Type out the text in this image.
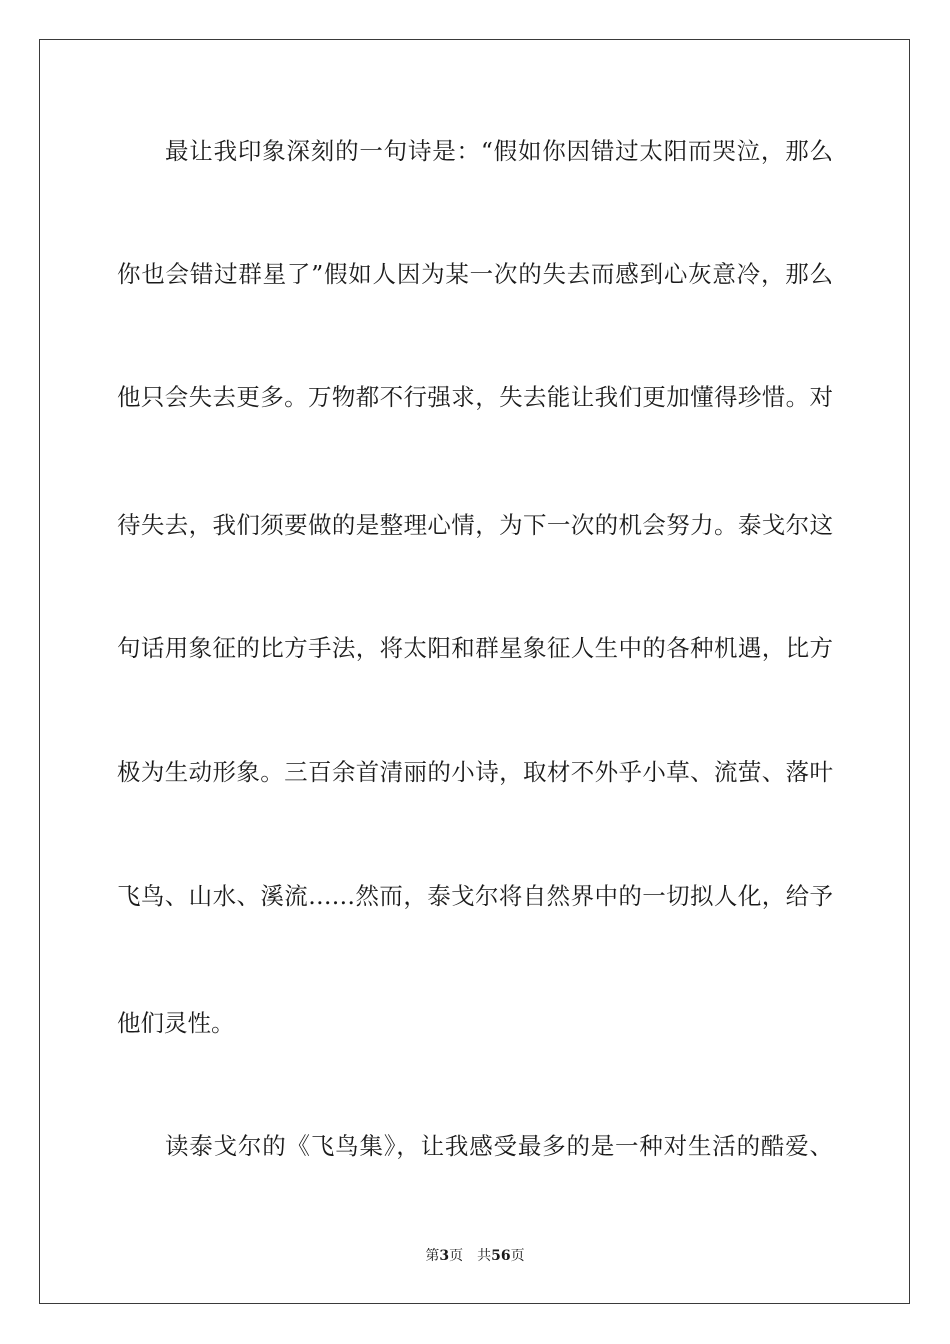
最让我印象深刻的一句诗是：“假如你因错过太阳而哭泣，那么
你也会错过群星了”假如人因为某一次的失去而感到心灰意冷，那么
他只会失去更多。万物都不行强求，失去能让我们更加懂得珍惜。对
待失去，我们须要做的是整理心情，为下一次的机会努力。泰戈尔这
句话用象征的比方手法，将太阳和群星象征人生中的各种机遇，比方
极为生动形象。三百余首清丽的小诗，取材不外乎小草、流萤、落叶
飞鸟、山水、溪流……然而，泰戈尔将自然界中的一切拟人化，给予
他们灵性。
读泰戈尔的《飞鸟集》，让我感受最多的是一种对生活的酷爱、
第3页 共56页
